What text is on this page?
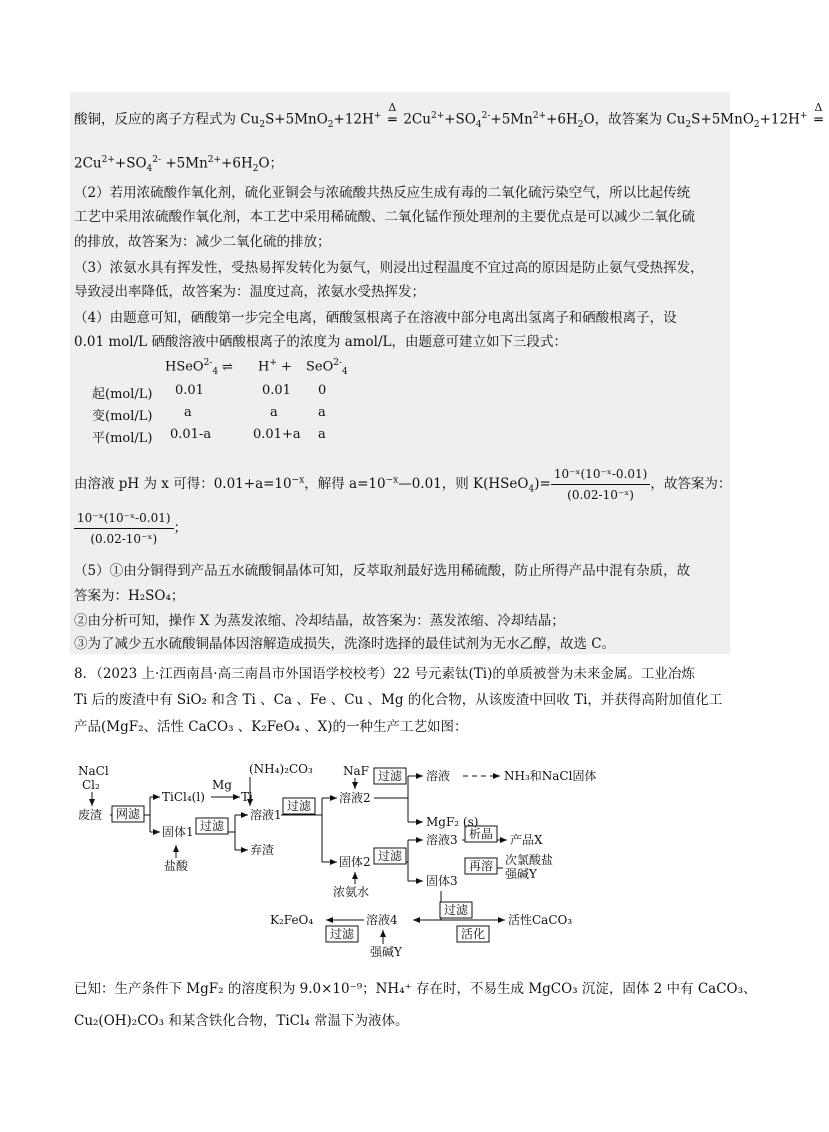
酸铜，反应的离子方程式为 $Cu_2S+5MnO_2+12H^+$
Δ
═ $2Cu^{2+}+SO_4^{2-}+5Mn^{2+}+6H_2O$，故答案为 $Cu_2S+5MnO_2+12H^+$
Δ
═
$2Cu^{2+}+SO_4^{2-} +5Mn^{2+}+6H_2O$；
（2）若用浓硫酸作氧化剂，硫化亚铜会与浓硫酸共热反应生成有毒的二氧化硫污染空气，所以比起传统
工艺中采用浓硫酸作氧化剂，本工艺中采用稀硫酸、二氧化锰作预处理剂的主要优点是可以减少二氧化硫
的排放，故答案为：减少二氧化硫的排放；
（3）浓氨水具有挥发性，受热易挥发转化为氨气，则浸出过程温度不宜过高的原因是防止氨气受热挥发，
导致浸出率降低，故答案为：温度过高，浓氨水受热挥发；
（4）由题意可知，硒酸第一步完全电离，硒酸氢根离子在溶液中部分电离出氢离子和硒酸根离子，设
0.01 mol/L 硒酸溶液中硒酸根离子的浓度为 amol/L，由题意可建立如下三段式：
HSeO$^{2-}_4$ ⇌ H+ + SeO$^{2-}_4$
起(mol/L) 0.01	0.01 0
变(mol/L) a	a	a
平(mol/L) 0.01-a	0.01+a a
由溶液 pH 为 x 可得：$0.01+a=10^{-x}$，解得 $a=10^{-x}—0.01$，则 K(HSeO$_4$)= $\frac{\text{10⁻ˣ(10⁻ˣ-0.01)}}{\text{(0.02-10⁻ˣ)}}$ ，故答案为：
$\frac{\text{10⁻ˣ(10⁻ˣ-0.01)}}{\text{(0.02-10⁻ˣ)}}$ ；
（5）①由分铜得到产品五水硫酸铜晶体可知，反萃取剂最好选用稀硫酸，防止所得产品中混有杂质，故
答案为：H₂SO₄；
②由分析可知，操作 X 为蒸发浓缩、冷却结晶，故答案为：蒸发浓缩、冷却结晶；
③为了减少五水硫酸铜晶体因溶解造成损失，洗涤时选择的最佳试剂为无水乙醇，故选 C。
8．（2023 上·江西南昌·高三南昌市外国语学校校考）22 号元素钛(Ti)的单质被誉为未来金属。工业冶炼
Ti 后的废渣中有 SiO₂ 和含 Ti 、Ca 、Fe 、Cu 、Mg 的化合物，从该废渣中回收 Ti，并获得高附加值化工
产品(MgF₂、活性 CaCO₃ 、K₂FeO₄ 、X)的一种生产工艺如图：
NaCl
Cl₂
废渣 网滤
TiCl₄(l)
Mg
Ti
(NH₄)₂CO₃
固体1 过滤
溶液1
盐酸
弃渣
过滤
NaF
溶液2
过滤 溶液	NH₃和NaCl固体
MgF₂ (s)
固体2
浓氨水
过滤
溶液3 析晶 产品X
固体3
再溶 次氯酸盐
强碱Y
过滤
活化
活性CaCO₃
溶液4
过滤
K₂FeO₄
强碱Y
已知：生产条件下 MgF₂ 的溶度积为 9.0×10⁻⁹；NH₄⁺ 存在时，不易生成 MgCO₃ 沉淀，固体 2 中有 CaCO₃、
Cu₂(OH)₂CO₃ 和某含铁化合物，TiCl₄ 常温下为液体。
